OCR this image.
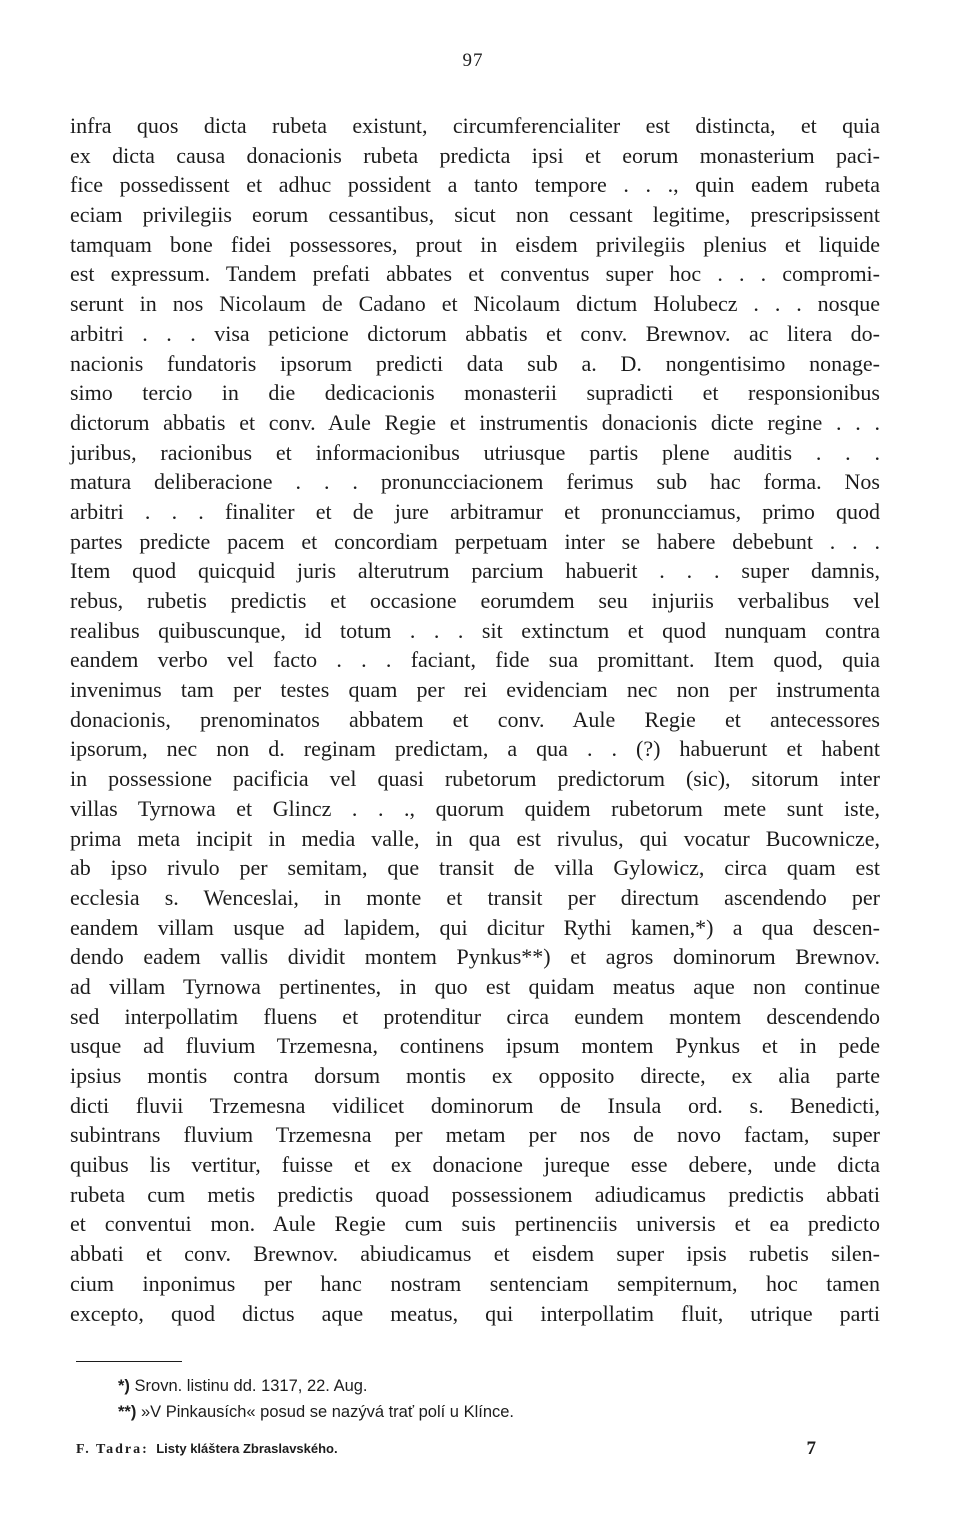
97
infra quos dicta rubeta existunt, circumferencialiter est distincta, et quia
ex dicta causa donacionis rubeta predicta ipsi et eorum monasterium paci-
fice possedissent et adhuc possident a tanto tempore . . ., quin eadem rubeta
eciam privilegiis eorum cessantibus, sicut non cessant legitime, prescripsissent
tamquam bone fidei possessores, prout in eisdem privilegiis plenius et liquide
est expressum. Tandem prefati abbates et conventus super hoc . . . compromi-
serunt in nos Nicolaum de Cadano et Nicolaum dictum Holubecz . . . nosque
arbitri . . . visa peticione dictorum abbatis et conv. Brewnov. ac litera do-
nacionis fundatoris ipsorum predicti data sub a. D. nongentisimo nonage-
simo tercio in die dedicacionis monasterii supradicti et responsionibus
dictorum abbatis et conv. Aule Regie et instrumentis donacionis dicte regine . . .
juribus, racionibus et informacionibus utriusque partis plene auditis . . .
matura deliberacione . . . pronuncciacionem ferimus sub hac forma. Nos
arbitri . . . finaliter et de jure arbitramur et pronuncciamus, primo quod
partes predicte pacem et concordiam perpetuam inter se habere debebunt . . .
Item quod quicquid juris alterutrum parcium habuerit . . . super damnis,
rebus, rubetis predictis et occasione eorumdem seu injuriis verbalibus vel
realibus quibuscunque, id totum . . . sit extinctum et quod nunquam contra
eandem verbo vel facto . . . faciant, fide sua promittant. Item quod, quia
invenimus tam per testes quam per rei evidenciam nec non per instrumenta
donacionis, prenominatos abbatem et conv. Aule Regie et antecessores
ipsorum, nec non d. reginam predictam, a qua . . (?) habuerunt et habent
in possessione pacificia vel quasi rubetorum predictorum (sic), sitorum inter
villas Tyrnowa et Glincz . . ., quorum quidem rubetorum mete sunt iste,
prima meta incipit in media valle, in qua est rivulus, qui vocatur Bucownicze,
ab ipso rivulo per semitam, que transit de villa Gylowicz, circa quam est
ecclesia s. Wenceslai, in monte et transit per directum ascendendo per
eandem villam usque ad lapidem, qui dicitur Rythi kamen,*) a qua descen-
dendo eadem vallis dividit montem Pynkus**) et agros dominorum Brewnov.
ad villam Tyrnowa pertinentes, in quo est quidam meatus aque non continue
sed interpollatim fluens et protenditur circa eundem montem descendendo
usque ad fluvium Trzemesna, continens ipsum montem Pynkus et in pede
ipsius montis contra dorsum montis ex opposito directe, ex alia parte
dicti fluvii Trzemesna vidilicet dominorum de Insula ord. s. Benedicti,
subintrans fluvium Trzemesna per metam per nos de novo factam, super
quibus lis vertitur, fuisse et ex donacione jureque esse debere, unde dicta
rubeta cum metis predictis quoad possessionem adiudicamus predictis abbati
et conventui mon. Aule Regie cum suis pertinenciis universis et ea predicto
abbati et conv. Brewnov. abiudicamus et eisdem super ipsis rubetis silen-
cium inponimus per hanc nostram sentenciam sempiternum, hoc tamen
excepto, quod dictus aque meatus, qui interpollatim fluit, utrique parti
*) Srovn. listinu dd. 1317, 22. Aug.
**) »V Pinkausích« posud se nazývá trať polí u Klínce.
F. Tadra: Listy kláštera Zbraslavského.	7
